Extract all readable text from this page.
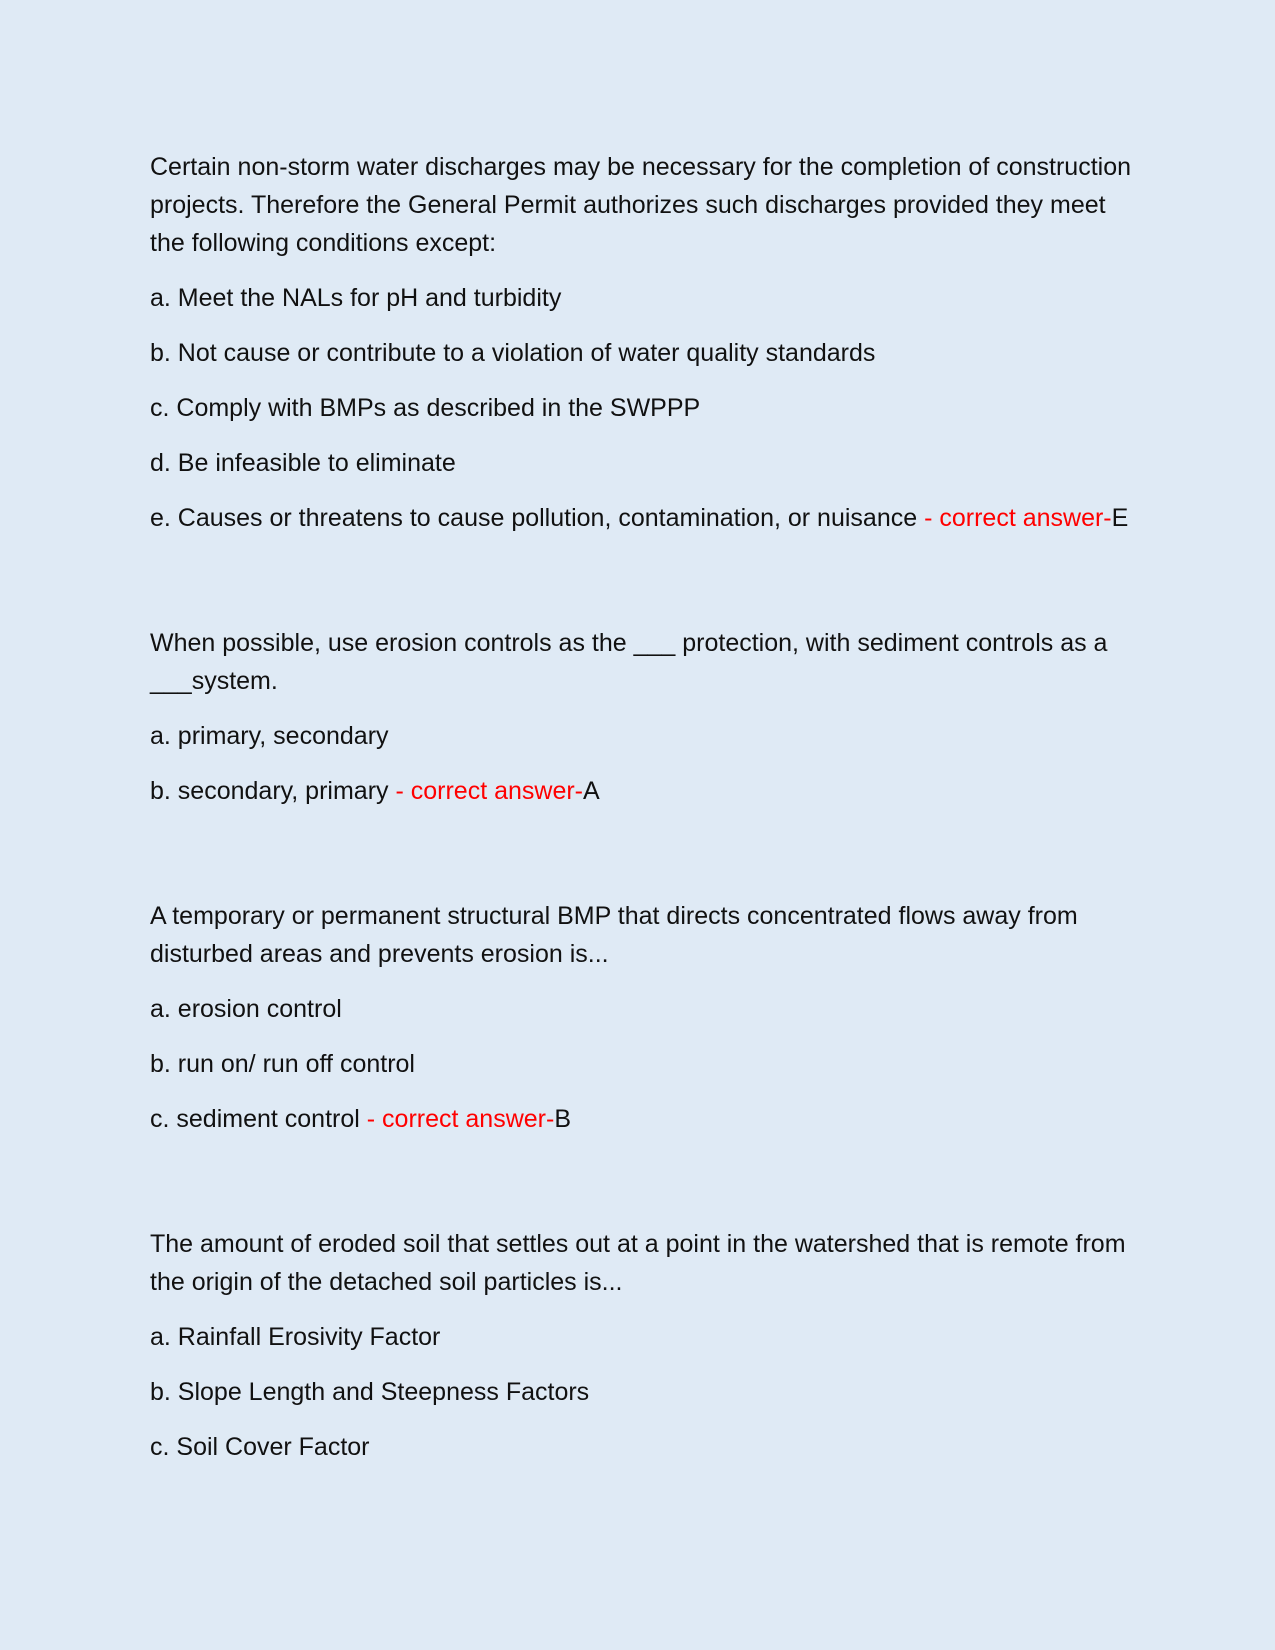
Certain non-storm water discharges may be necessary for the completion of construction projects. Therefore the General Permit authorizes such discharges provided they meet the following conditions except:

a. Meet the NALs for pH and turbidity

b. Not cause or contribute to a violation of water quality standards

c. Comply with BMPs as described in the SWPPP

d. Be infeasible to eliminate

e. Causes or threatens to cause pollution, contamination, or nuisance - correct answer-E

When possible, use erosion controls as the ___ protection, with sediment controls as a ___system.

a. primary, secondary

b. secondary, primary - correct answer-A

A temporary or permanent structural BMP that directs concentrated flows away from disturbed areas and prevents erosion is...

a. erosion control

b. run on/ run off control

c. sediment control - correct answer-B

The amount of eroded soil that settles out at a point in the watershed that is remote from the origin of the detached soil particles is...

a. Rainfall Erosivity Factor

b. Slope Length and Steepness Factors

c. Soil Cover Factor
